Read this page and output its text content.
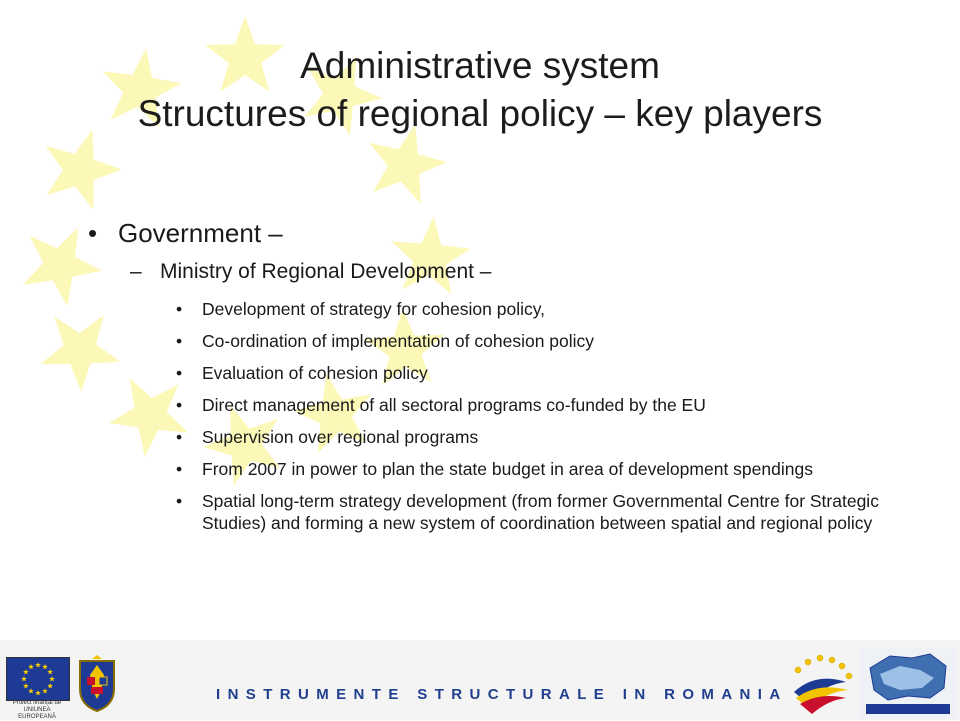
Administrative system
Structures of regional policy – key players
• Government –
– Ministry of Regional Development –
• Development of strategy for cohesion policy,
• Co-ordination of implementation of cohesion policy
• Evaluation of cohesion policy
• Direct management of all sectoral programs co-funded by the EU
• Supervision over regional programs
• From 2007 in power to plan the state budget in area of development spendings
• Spatial long-term strategy development (from former Governmental Centre for Strategic Studies) and forming a new system of coordination between spatial and regional policy
Proiect finanțat de UNIUNEA EUROPEANĂ
INSTRUMENTE STRUCTURALE IN ROMANIA
